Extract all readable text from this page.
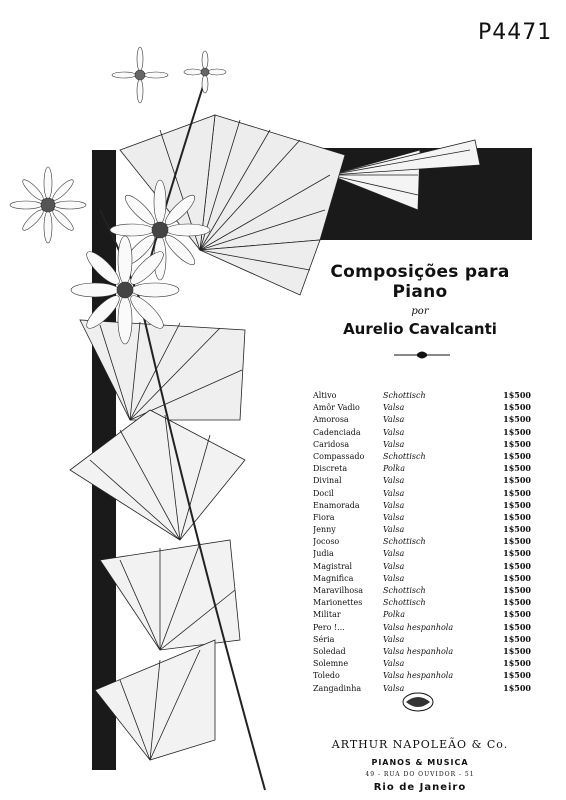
P4471
Composições para Piano
por
Aurelio Cavalcanti
Altivo	Schottisch	1$500
Amôr Vadio	Valsa	1$500
Amorosa	Valsa	1$500
Cadenciada	Valsa	1$500
Caridosa	Valsa	1$500
Compassado	Schottisch	1$500
Discreta	Polka	1$500
Divinal	Valsa	1$500
Docil	Valsa	1$500
Enamorada	Valsa	1$500
Fiora	Valsa	1$500
Jenny	Valsa	1$500
Jocoso	Schottisch	1$500
Judia	Valsa	1$500
Magistral	Valsa	1$500
Magnifica	Valsa	1$500
Maravilhosa	Schottisch	1$500
Marionettes	Schottisch	1$500
Militar	Polka	1$500
Pero !...	Valsa hespanhola	1$500
Séria	Valsa	1$500
Soledad	Valsa hespanhola	1$500
Solemne	Valsa	1$500
Toledo	Valsa hespanhola	1$500
Zangadinha	Valsa	1$500
ARTHUR NAPOLEÃO & Co.
PIANOS & MUSICA
49 - RUA DO OUVIDOR - 51
Rio de Janeiro
